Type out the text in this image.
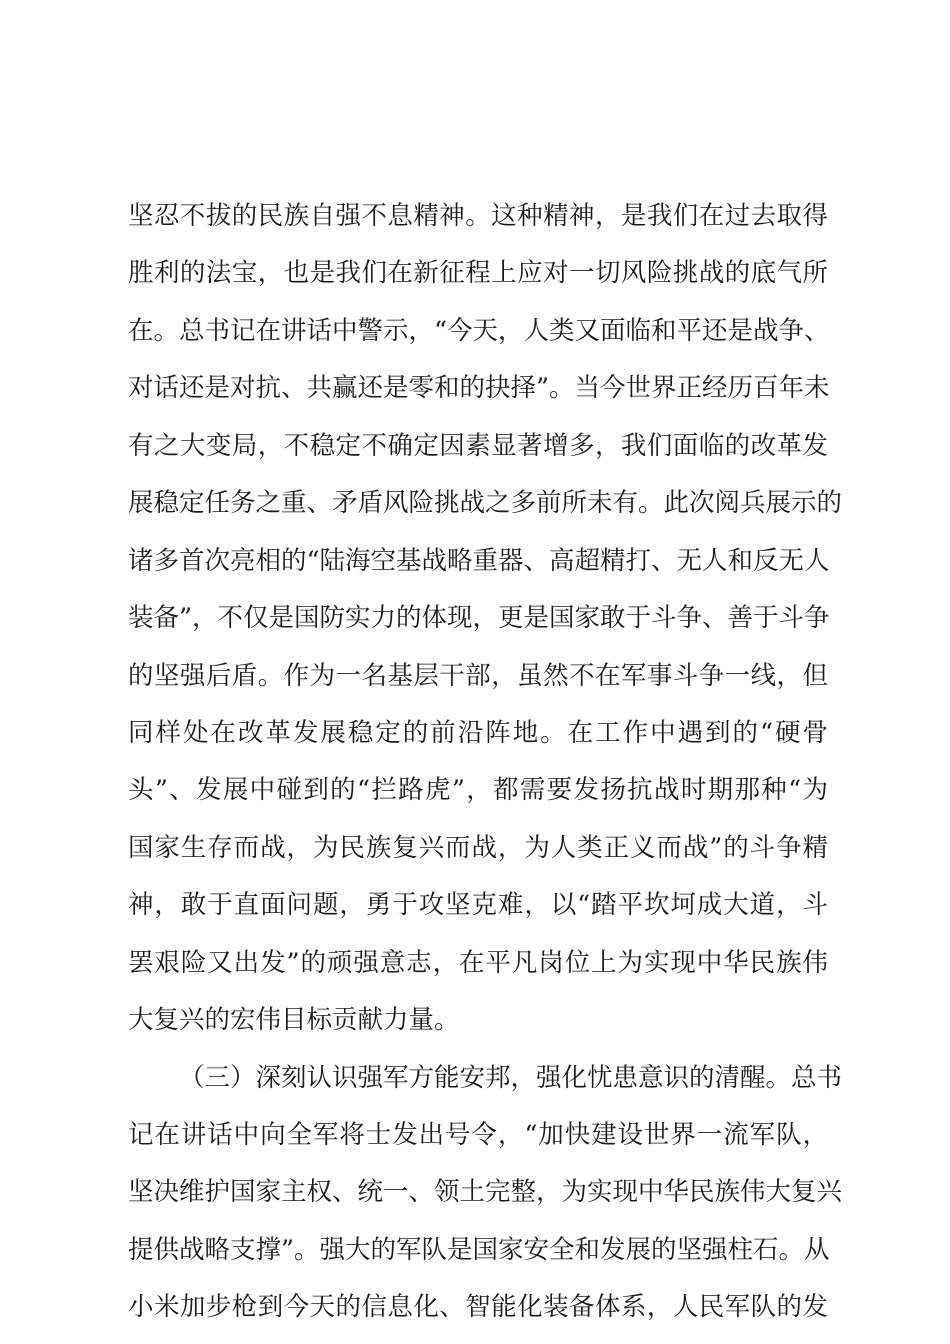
坚忍不拔的民族自强不息精神。这种精神，是我们在过去取得
胜利的法宝，也是我们在新征程上应对一切风险挑战的底气所
在。总书记在讲话中警示，“今天，人类又面临和平还是战争、
对话还是对抗、共赢还是零和的抉择”。当今世界正经历百年未
有之大变局，不稳定不确定因素显著增多，我们面临的改革发
展稳定任务之重、矛盾风险挑战之多前所未有。此次阅兵展示的
诸多首次亮相的“陆海空基战略重器、高超精打、无人和反无人
装备”，不仅是国防实力的体现，更是国家敢于斗争、善于斗争
的坚强后盾。作为一名基层干部，虽然不在军事斗争一线，但
同样处在改革发展稳定的前沿阵地。在工作中遇到的“硬骨
头”、发展中碰到的“拦路虎”，都需要发扬抗战时期那种“为
国家生存而战，为民族复兴而战，为人类正义而战”的斗争精
神，敢于直面问题，勇于攻坚克难，以“踏平坎坷成大道，斗
罢艰险又出发”的顽强意志，在平凡岗位上为实现中华民族伟
大复兴的宏伟目标贡献力量。
（三）深刻认识强军方能安邦，强化忧患意识的清醒。总书
记在讲话中向全军将士发出号令，“加快建设世界一流军队，
坚决维护国家主权、统一、领土完整，为实现中华民族伟大复兴
提供战略支撑”。强大的军队是国家安全和发展的坚强柱石。从
小米加步枪到今天的信息化、智能化装备体系，人民军队的发
